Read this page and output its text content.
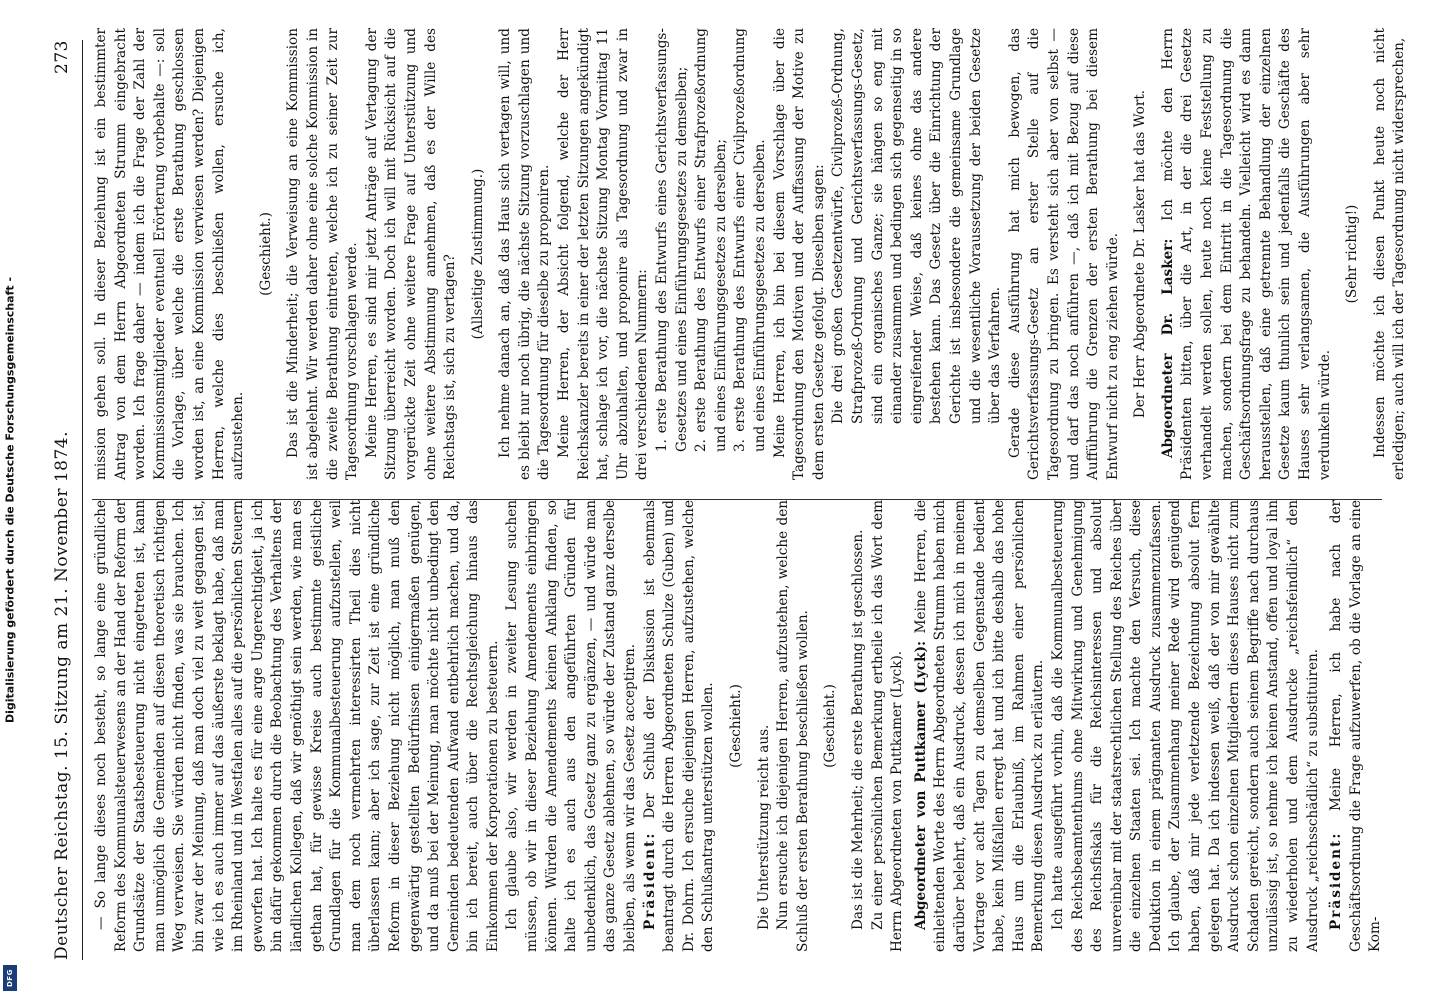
Digitalisierung gefördert durch die Deutsche Forschungsgemeinschaft -
DFG
Deutscher Reichstag. 15. Sitzung am 21. November 1874.
273

— So lange dieses noch besteht, so lange eine gründliche Reform des Kommunalsteuerwesens an der Hand der Reform der Grundsätze der Staatsbesteuerung nicht eingetreten ist, kann man unmöglich die Gemeinden auf diesen theoretisch richtigen Weg verweisen. Sie würden nicht finden, was sie brauchen. Ich bin zwar der Meinung, daß man doch viel zu weit gegangen ist, wie ich es auch immer auf das äußerste beklagt habe, daß man im Rheinland und in Westfalen alles auf die persönlichen Steuern geworfen hat. Ich halte es für eine arge Ungerechtigkeit, ja ich bin dafür gekommen durch die Beobachtung des Verhaltens der ländlichen Kollegen, daß wir genöthigt sein werden, wie man es gethan hat, für gewisse Kreise auch bestimmte geistliche Grundlagen für die Kommunalbesteuerung aufzustellen, weil man dem noch vermehrten interessirten Theil dies nicht überlassen kann; aber ich sage, zur Zeit ist eine gründliche Reform in dieser Beziehung nicht möglich, man muß den gegenwärtig gestellten Bedürfnissen einigermaßen genügen, und da muß bei der Meinung, man möchte nicht unbedingt den Gemeinden bedeutenden Aufwand entbehrlich machen, und da, bin ich bereit, auch über die Rechtsgleichung hinaus das Einkommen der Korporationen zu besteuern. Ich glaube also, wir werden in zweiter Lesung suchen müssen, ob wir in dieser Beziehung Amendements einbringen können. Würden die Amendements keinen Anklang finden, so halte ich es auch aus den angeführten Gründen für unbedenklich, das Gesetz ganz zu ergänzen, — und würde man das ganze Gesetz ablehnen, so würde der Zustand ganz derselbe bleiben, als wenn wir das Gesetz acceptiren. Präsident: Der Schluß der Diskussion ist ebenmals beantragt durch die Herren Abgeordneten Schulze (Guben) und Dr. Dohrn. Ich ersuche diejenigen Herren, aufzustehen, welche den Schlußantrag unterstützen wollen. (Geschieht.) Die Unterstützung reicht aus. Nun ersuche ich diejenigen Herren, aufzustehen, welche den Schluß der ersten Berathung beschließen wollen. (Geschieht.) Das ist die Mehrheit; die erste Berathung ist geschlossen. Zu einer persönlichen Bemerkung ertheile ich das Wort dem Herrn Abgeordneten von Puttkamer (Lyck). Abgeordneter von Puttkamer (Lyck): Meine Herren, die einleitenden Worte des Herrn Abgeordneten Strumm haben mich darüber belehrt, daß ein Ausdruck, dessen ich mich in meinem Vortrage vor acht Tagen zu demselben Gegenstande bedient habe, kein Mißfallen erregt hat und ich bitte deshalb das hohe Haus um die Erlaubniß, im Rahmen einer persönlichen Bemerkung diesen Ausdruck zu erläutern. Ich hatte ausgeführt vorhin, daß die Kommunalbesteuerung des Reichsbeamtenthums ohne Mitwirkung und Genehmigung des Reichsfiskals für die Reichsinteressen und absolut unvereinbar mit der staatsrechtlichen Stellung des Reiches über die einzelnen Staaten sei. Ich machte den Versuch, diese Deduktion in einem prägnanten Ausdruck zusammenzufassen. Ich glaube, der Zusammenhang meiner Rede wird genügend haben, daß mir jede verletzende Bezeichnung absolut fern gelegen hat. Da ich indessen weiß, daß der von mir gewählte Ausdruck schon einzelnen Mitgliedern dieses Hauses nicht zum Schaden gereicht, sondern auch seinem Begriffe nach durchaus unzulässig ist, so nehme ich keinen Anstand, offen und loyal ihn zu wiederholen und dem Ausdrucke „reichsfeindlich“ den Ausdruck „reichsschädlich“ zu substituiren. Präsident: Meine Herren, ich habe nach der Geschäftsordnung die Frage aufzuwerfen, ob die Vorlage an eine Kom-

mission gehen soll. In dieser Beziehung ist ein bestimmter Antrag von dem Herrn Abgeordneten Strumm eingebracht worden. Ich frage daher — indem ich die Frage der Zahl der Kommissionsmitglieder eventuell Erörterung vorbehalte —: soll die Vorlage, über welche die erste Berathung geschlossen worden ist, an eine Kommission verwiesen werden? Diejenigen Herren, welche dies beschließen wollen, ersuche ich, aufzustehen.

(Geschieht.) Das ist die Minderheit; die Verweisung an eine Kommission ist abgelehnt. Wir werden daher ohne eine solche Kommission in die zweite Berathung eintreten, welche ich zu seiner Zeit zur Tagesordnung vorschlagen werde. Meine Herren, es sind mir jetzt Anträge auf Vertagung der Sitzung überreicht worden. Doch ich will mit Rücksicht auf die vorgerückte Zeit ohne weitere Frage auf Unterstützung und ohne weitere Abstimmung annehmen, daß es der Wille des Reichstags ist, sich zu vertagen?

(Allseitige Zustimmung.) Ich nehme danach an, daß das Haus sich vertagen will, und es bleibt nur noch übrig, die nächste Sitzung vorzuschlagen und die Tagesordnung für dieselbe zu proponiren. Meine Herren, der Absicht folgend, welche der Herr Reichskanzler bereits in einer der letzten Sitzungen angekündigt hat, schlage ich vor, die nächste Sitzung Montag Vormittag 11 Uhr abzuhalten, und proponire als Tagesordnung und zwar in drei verschiedenen Nummern: 1. erste Berathung des Entwurfs eines Gerichtsverfassungs-Gesetzes und eines Einführungsgesetzes zu demselben; 2. erste Berathung des Entwurfs einer Strafprozeßordnung und eines Einführungsgesetzes zu derselben; 3. erste Berathung des Entwurfs einer Civilprozeßordnung und eines Einführungsgesetzes zu derselben. Meine Herren, ich bin bei diesem Vorschlage über die Tagesordnung den Motiven und der Auffassung der Motive zu dem ersten Gesetze gefolgt. Dieselben sagen: Die drei großen Gesetzentwürfe, Civilprozeß-Ordnung, Strafprozeß-Ordnung und Gerichtsverfassungs-Gesetz, sind ein organisches Ganze; sie hängen so eng mit einander zusammen und bedingen sich gegenseitig in so eingreifender Weise, daß keines ohne das andere bestehen kann. Das Gesetz über die Einrichtung der Gerichte ist insbesondere die gemeinsame Grundlage und die wesentliche Voraussetzung der beiden Gesetze über das Verfahren. Gerade diese Ausführung hat mich bewogen, das Gerichtsverfassungs-Gesetz an erster Stelle auf die Tagesordnung zu bringen. Es versteht sich aber von selbst — und darf das noch anführen —, daß ich mit Bezug auf diese Aufführung die Grenzen der ersten Berathung bei diesem Entwurf nicht zu eng ziehen würde. Der Herr Abgeordnete Dr. Lasker hat das Wort. Abgeordneter Dr. Lasker: Ich möchte den Herrn Präsidenten bitten, über die Art, in der die drei Gesetze verhandelt werden sollen, heute noch keine Feststellung zu machen, sondern bei dem Eintritt in die Tagesordnung die Geschäftsordnungsfrage zu behandeln. Vielleicht wird es dann herausstellen, daß eine getrennte Behandlung der einzelnen Gesetze kaum thunlich sein und jedenfalls die Geschäfte des Hauses sehr verlangsamen, die Ausführungen aber sehr verdunkeln würde.

(Sehr richtig!) Indessen möchte ich diesen Punkt heute noch nicht erledigen; auch will ich der Tagesordnung nicht widersprechen,
